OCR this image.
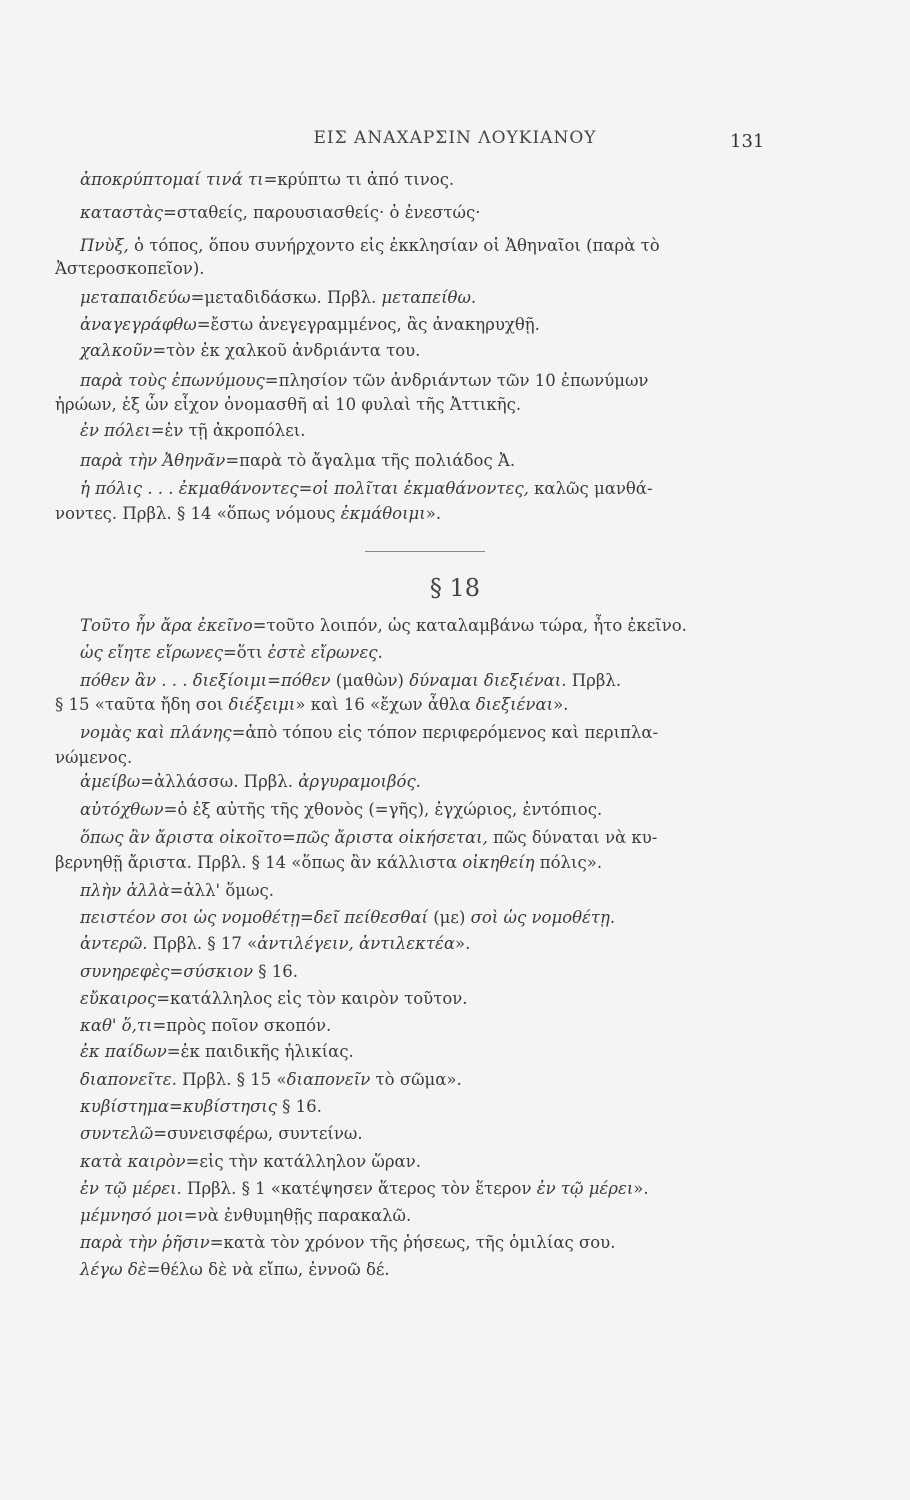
ΕΙΣ ΑΝΑΧΑΡΣΙΝ ΛΟΥΚΙΑΝΟΥ	131
ἀποκρύπτομαί τινά τι=κρύπτω τι ἀπό τινος.
καταστὰς=σταθείς, παρουσιασθείς· ὁ ἐνεστώς·
Πνὺξ, ὁ τόπος, ὅπου συνήρχοντο εἰς ἐκκλησίαν οἱ Ἀθηναῖοι (παρὰ τὸ
Ἀστεροσκοπεῖον).
μεταπαιδεύω=μεταδιδάσκω. Πρβλ. μεταπείθω.
ἀναγεγράφθω=ἔστω ἀνεγεγραμμένος, ἂς ἀνακηρυχθῇ.
χαλκοῦν=τὸν ἐκ χαλκοῦ ἀνδριάντα του.
παρὰ τοὺς ἐπωνύμους=πλησίον τῶν ἀνδριάντων τῶν 10 ἐπωνύμων
ἡρώων, ἐξ ὧν εἶχον ὀνομασθῆ αἱ 10 φυλαὶ τῆς Ἀττικῆς.
ἐν πόλει=ἐν τῇ ἀκροπόλει.
παρὰ τὴν Ἀθηνᾶν=παρὰ τὸ ἄγαλμα τῆς πολιάδος Ἀ.
ἡ πόλις . . . ἐκμαθάνοντες=οἱ πολῖται ἐκμαθάνοντες, καλῶς μανθά-
νοντες. Πρβλ. § 14 «ὅπως νόμους ἐκμάθοιμι».
§ 18
Τοῦτο ἦν ἄρα ἐκεῖνο=τοῦτο λοιπόν, ὡς καταλαμβάνω τώρα, ἦτο ἐκεῖνο.
ὡς εἴητε εἴρωνες=ὅτι ἐστὲ εἴρωνες.
πόθεν ἂν . . . διεξίοιμι=πόθεν (μαθὼν) δύναμαι διεξιέναι. Πρβλ.
§ 15 «ταῦτα ἤδη σοι διέξειμι» καὶ 16 «ἔχων ἆθλα διεξιέναι».
νομὰς καὶ πλάνης=ἀπὸ τόπου εἰς τόπον περιφερόμενος καὶ περιπλα-
νώμενος.
ἀμείβω=ἀλλάσσω. Πρβλ. ἀργυραμοιβός.
αὐτόχθων=ὁ ἐξ αὐτῆς τῆς χθονὸς (=γῆς), ἐγχώριος, ἐντόπιος.
ὅπως ἂν ἄριστα οἰκοῖτο=πῶς ἄριστα οἰκήσεται, πῶς δύναται νὰ κυ-
βερνηθῇ ἄριστα. Πρβλ. § 14 «ὅπως ἂν κάλλιστα οἰκηθείη πόλις».
πλὴν ἀλλὰ=ἀλλ' ὅμως.
πειστέον σοι ὡς νομοθέτῃ=δεῖ πείθεσθαί (με) σοὶ ὡς νομοθέτῃ.
ἀντερῶ. Πρβλ. § 17 «ἀντιλέγειν, ἀντιλεκτέα».
συνηρεφὲς=σύσκιον § 16.
εὔκαιρος=κατάλληλος εἰς τὸν καιρὸν τοῦτον.
καθ' ὅ,τι=πρὸς ποῖον σκοπόν.
ἐκ παίδων=ἐκ παιδικῆς ἡλικίας.
διαπονεῖτε. Πρβλ. § 15 «διαπονεῖν τὸ σῶμα».
κυβίστημα=κυβίστησις § 16.
συντελῶ=συνεισφέρω, συντείνω.
κατὰ καιρὸν=εἰς τὴν κατάλληλον ὥραν.
ἐν τῷ μέρει. Πρβλ. § 1 «κατέψησεν ἅτερος τὸν ἕτερον ἐν τῷ μέρει».
μέμνησό μοι=νὰ ἐνθυμηθῇς παρακαλῶ.
παρὰ τὴν ῥῆσιν=κατὰ τὸν χρόνον τῆς ῥήσεως, τῆς ὁμιλίας σου.
λέγω δὲ=θέλω δὲ νὰ εἴπω, ἐννοῶ δέ.
